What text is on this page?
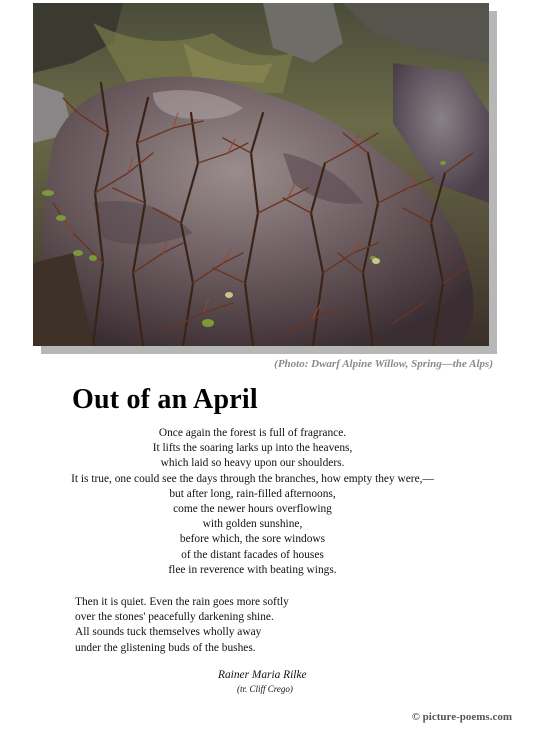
(Photo: Dwarf Alpine Willow, Spring—the Alps)
Out of an April
Once again the forest is full of fragrance.
It lifts the soaring larks up into the heavens,
which laid so heavy upon our shoulders.
It is true, one could see the days through the branches, how empty they were,—
but after long, rain-filled afternoons,
come the newer hours overflowing
with golden sunshine,
before which, the sore windows
of the distant facades of houses
flee in reverence with beating wings.
Then it is quiet. Even the rain goes more softly
over the stones' peacefully darkening shine.
All sounds tuck themselves wholly away
under the glistening buds of the bushes.
Rainer Maria Rilke
(tr. Cliff Crego)
© picture-poems.com
